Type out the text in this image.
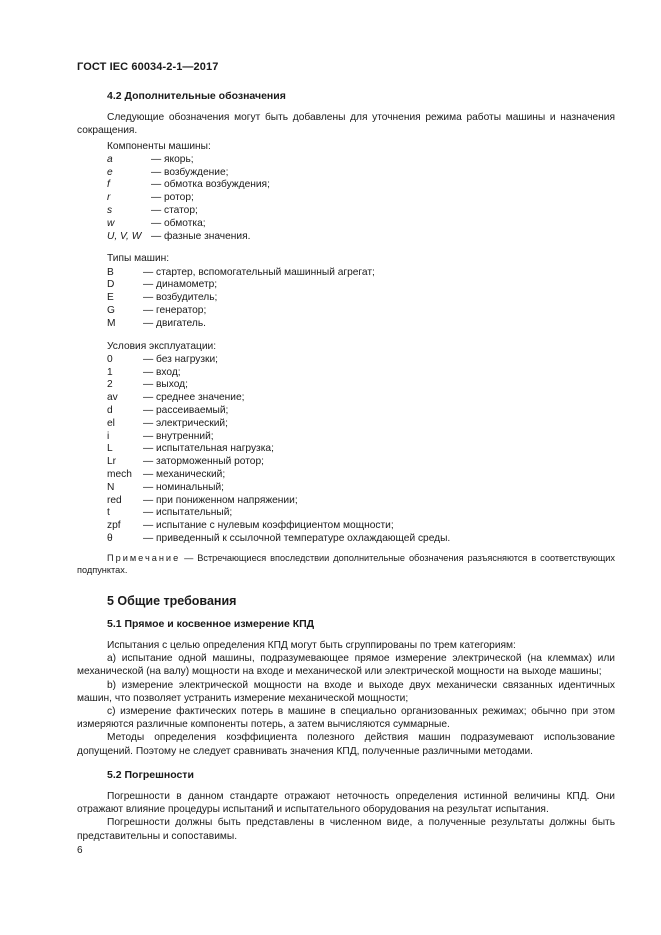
ГОСТ IEC 60034-2-1—2017
4.2 Дополнительные обозначения

Следующие обозначения могут быть добавлены для уточнения режима работы машины и назначения сокращения.

Компоненты машины:
a	— якорь;
e	— возбуждение;
f	— обмотка возбуждения;
r	— ротор;
s	— статор;
w	— обмотка;
U, V, W — фазные значения.
Типы машин:
B	— стартер, вспомогательный машинный агрегат;
D	— динамометр;
E	— возбудитель;
G	— генератор;
M	— двигатель.
Условия эксплуатации:
0	— без нагрузки;
1	— вход;
2	— выход;
av	— среднее значение;
d	— рассеиваемый;
el	— электрический;
i	— внутренний;
L	— испытательная нагрузка;
Lr	— заторможенный ротор;
mech	— механический;
N	— номинальный;
red	— при пониженном напряжении;
t	— испытательный;
zpf	— испытание с нулевым коэффициентом мощности;
θ	— приведенный к ссылочной температуре охлаждающей среды.

Примечание — Встречающиеся впоследствии дополнительные обозначения разъясняются в соответствующих подпунктах.

5 Общие требования
5.1 Прямое и косвенное измерение КПД

Испытания с целью определения КПД могут быть сгруппированы по трем категориям:

a) испытание одной машины, подразумевающее прямое измерение электрической (на клеммах) или механической (на валу) мощности на входе и механической или электрической мощности на выходе машины;

b) измерение электрической мощности на входе и выходе двух механически связанных идентичных машин, что позволяет устранить измерение механической мощности;

c) измерение фактических потерь в машине в специально организованных режимах; обычно при этом измеряются различные компоненты потерь, а затем вычисляются суммарные.

Методы определения коэффициента полезного действия машин подразумевают использование допущений. Поэтому не следует сравнивать значения КПД, полученные различными методами.

5.2 Погрешности

Погрешности в данном стандарте отражают неточность определения истинной величины КПД. Они отражают влияние процедуры испытаний и испытательного оборудования на результат испытания.

Погрешности должны быть представлены в численном виде, а полученные результаты должны быть представительны и сопоставимы.

6
